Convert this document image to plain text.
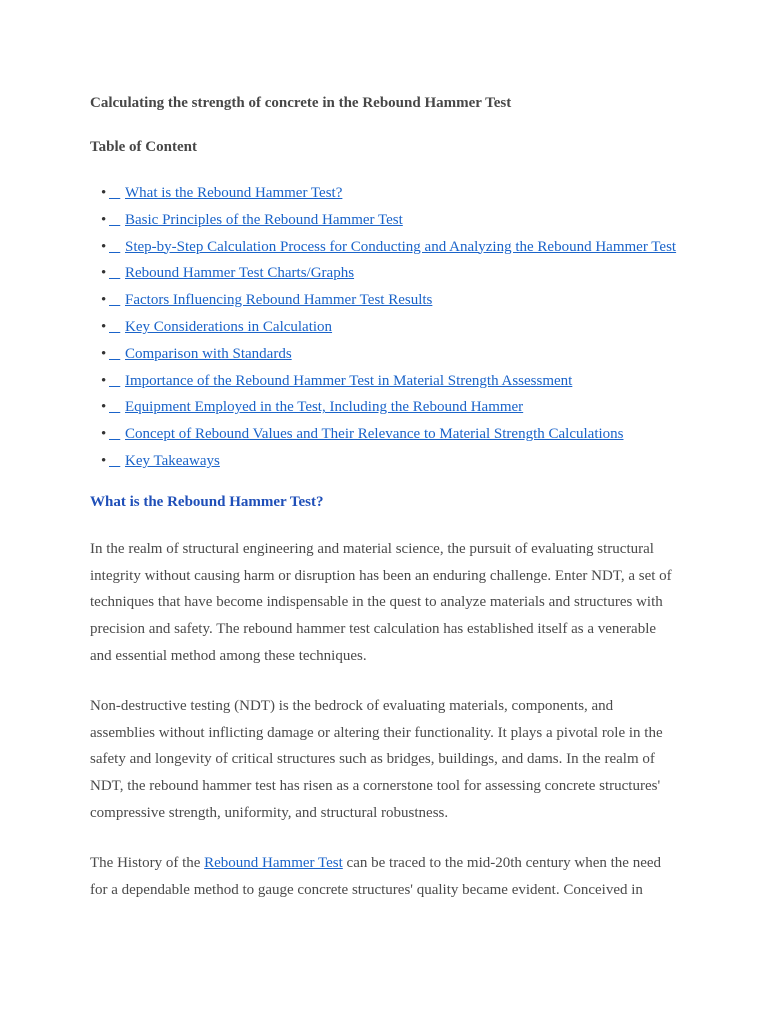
Calculating the strength of concrete in the Rebound Hammer Test
Table of Content
•
What is the Rebound Hammer Test?
•
Basic Principles of the Rebound Hammer Test
•
Step-by-Step Calculation Process for Conducting and Analyzing the Rebound Hammer Test
•
Rebound Hammer Test Charts/Graphs
•
Factors Influencing Rebound Hammer Test Results
•
Key Considerations in Calculation
•
Comparison with Standards
•
Importance of the Rebound Hammer Test in Material Strength Assessment
•
Equipment Employed in the Test, Including the Rebound Hammer
•
Concept of Rebound Values and Their Relevance to Material Strength Calculations
•
Key Takeaways
What is the Rebound Hammer Test?

In the realm of structural engineering and material science, the pursuit of evaluating structural integrity without causing harm or disruption has been an enduring challenge. Enter NDT, a set of techniques that have become indispensable in the quest to analyze materials and structures with precision and safety. The rebound hammer test calculation has established itself as a venerable and essential method among these techniques.

Non-destructive testing (NDT) is the bedrock of evaluating materials, components, and assemblies without inflicting damage or altering their functionality. It plays a pivotal role in the safety and longevity of critical structures such as bridges, buildings, and dams. In the realm of NDT, the rebound hammer test has risen as a cornerstone tool for assessing concrete structures' compressive strength, uniformity, and structural robustness.

The History of the Rebound Hammer Test can be traced to the mid-20th century when the need for a dependable method to gauge concrete structures' quality became evident. Conceived in
